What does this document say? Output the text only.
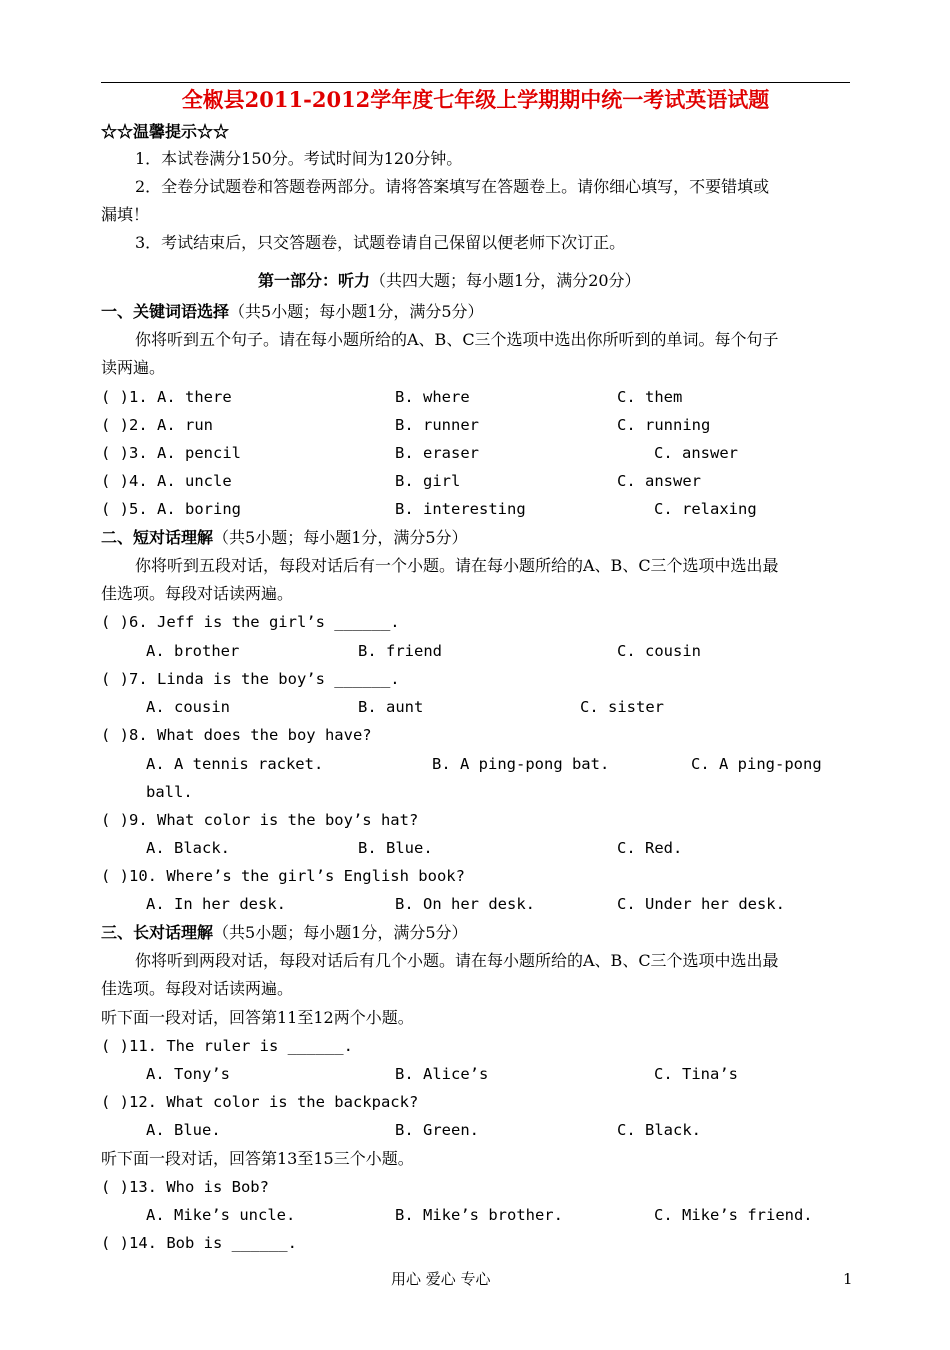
全椒县2011-2012学年度七年级上学期期中统一考试英语试题
☆☆温馨提示☆☆
1．本试卷满分150分。考试时间为120分钟。
2．全卷分试题卷和答题卷两部分。请将答案填写在答题卷上。请你细心填写，不要错填或
漏填！
3．考试结束后，只交答题卷，试题卷请自己保留以便老师下次订正。
第一部分：听力（共四大题；每小题1分，满分20分）
一、关键词语选择（共5小题；每小题1分，满分5分）
你将听到五个句子。请在每小题所给的A、B、C三个选项中选出你所听到的单词。每个句子
读两遍。
( )1. A. there	B. where	C. them
( )2. A. run	B. runner	C. running
( )3. A. pencil	B. eraser	C. answer
( )4. A. uncle	B. girl	C. answer
( )5. A. boring	B. interesting	C. relaxing
二、短对话理解（共5小题；每小题1分，满分5分）
你将听到五段对话，每段对话后有一个小题。请在每小题所给的A、B、C三个选项中选出最
佳选项。每段对话读两遍。
( )6. Jeff is the girl’s ______.
A. brother	B. friend	C. cousin
( )7. Linda is the boy’s ______.
A. cousin	B. aunt	C. sister
( )8. What does the boy have?
A. A tennis racket.	B. A ping-pong bat.	C. A ping-pong
ball.
( )9. What color is the boy’s hat?
A. Black.	B. Blue.	C. Red.
( )10. Where’s the girl’s English book?
A. In her desk.	B. On her desk.	C. Under her desk.
三、长对话理解（共5小题；每小题1分，满分5分）
你将听到两段对话，每段对话后有几个小题。请在每小题所给的A、B、C三个选项中选出最
佳选项。每段对话读两遍。
听下面一段对话，回答第11至12两个小题。
( )11. The ruler is ______.
A. Tony’s	B. Alice’s	C. Tina’s
( )12. What color is the backpack?
A. Blue.	B. Green.	C. Black.
听下面一段对话，回答第13至15三个小题。
( )13. Who is Bob?
A. Mike’s uncle.	B. Mike’s brother.	C. Mike’s friend.
( )14. Bob is ______.
用心 爱心 专心	1
